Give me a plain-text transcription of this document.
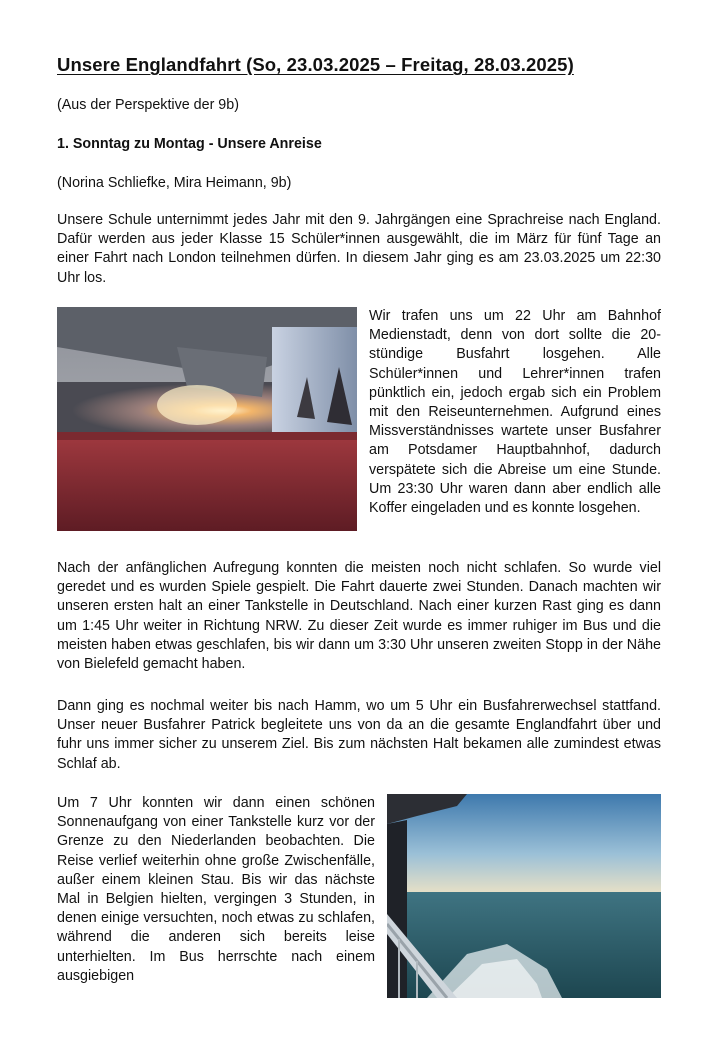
Unsere Englandfahrt (So, 23.03.2025 – Freitag, 28.03.2025)
(Aus der Perspektive der 9b)
1. Sonntag zu Montag - Unsere Anreise
(Norina Schliefke, Mira Heimann, 9b)

Unsere Schule unternimmt jedes Jahr mit den 9. Jahrgängen eine Sprachreise nach England. Dafür werden aus jeder Klasse 15 Schüler*innen ausgewählt, die im März für fünf Tage an einer Fahrt nach London teilnehmen dürfen. In diesem Jahr ging es am 23.03.2025 um 22:30 Uhr los.

Wir trafen uns um 22 Uhr am Bahnhof Medienstadt, denn von dort sollte die 20-stündige Busfahrt losgehen. Alle Schüler*innen und Lehrer*innen trafen pünktlich ein, jedoch ergab sich ein Problem mit den Reiseunternehmen. Aufgrund eines Missverständnisses wartete unser Busfahrer am Potsdamer Hauptbahnhof, dadurch verspätete sich die Abreise um eine Stunde. Um 23:30 Uhr waren dann aber endlich alle Koffer eingeladen und es konnte losgehen.

Nach der anfänglichen Aufregung konnten die meisten noch nicht schlafen. So wurde viel geredet und es wurden Spiele gespielt. Die Fahrt dauerte zwei Stunden. Danach machten wir unseren ersten halt an einer Tankstelle in Deutschland. Nach einer kurzen Rast ging es dann um 1:45 Uhr weiter in Richtung NRW. Zu dieser Zeit wurde es immer ruhiger im Bus und die meisten haben etwas geschlafen, bis wir dann um 3:30 Uhr unseren zweiten Stopp in der Nähe von Bielefeld gemacht haben.

Dann ging es nochmal weiter bis nach Hamm, wo um 5 Uhr ein Busfahrerwechsel stattfand. Unser neuer Busfahrer Patrick begleitete uns von da an die gesamte Englandfahrt über und fuhr uns immer sicher zu unserem Ziel. Bis zum nächsten Halt bekamen alle zumindest etwas Schlaf ab.

Um 7 Uhr konnten wir dann einen schönen Sonnenaufgang von einer Tankstelle kurz vor der Grenze zu den Niederlanden beobachten. Die Reise verlief weiterhin ohne große Zwischenfälle, außer einem kleinen Stau. Bis wir das nächste Mal in Belgien hielten, vergingen 3 Stunden, in denen einige versuchten, noch etwas zu schlafen, während die anderen sich bereits leise unterhielten. Im Bus herrschte nach einem ausgiebigen
